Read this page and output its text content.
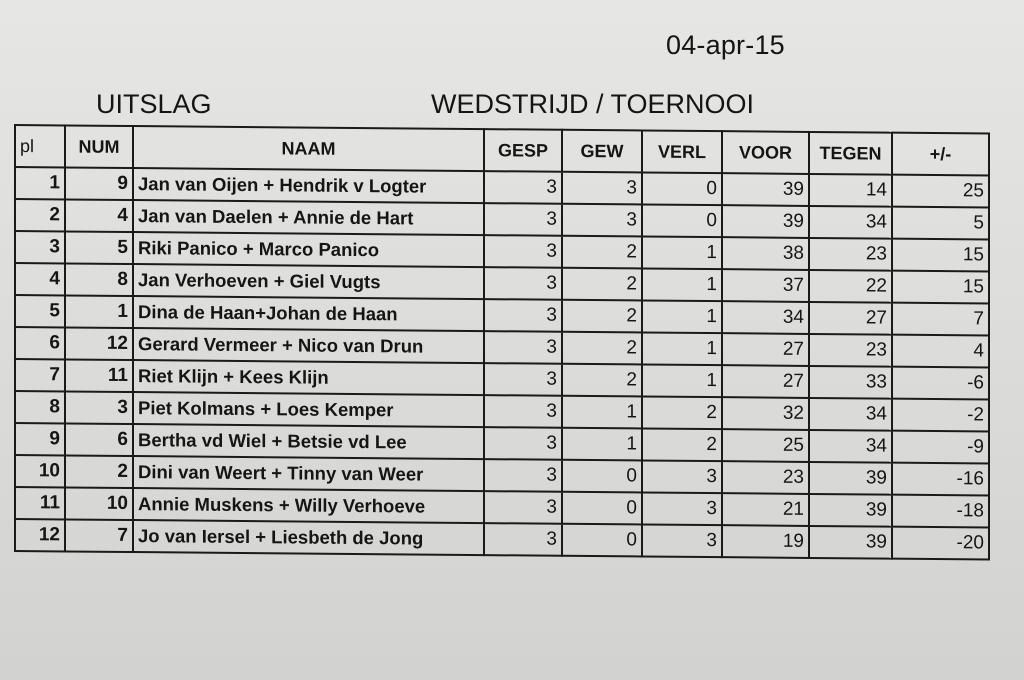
04-apr-15
UITSLAG	WEDSTRIJD / TOERNOOI
pl	NUM	NAAM	GESP	GEW	VERL	VOOR	TEGEN	+/-
1	9	Jan van Oijen + Hendrik v Logter	3	3	0	39	14	25
2	4	Jan van Daelen + Annie de Hart	3	3	0	39	34	5
3	5	Riki Panico + Marco Panico	3	2	1	38	23	15
4	8	Jan Verhoeven + Giel Vugts	3	2	1	37	22	15
5	1	Dina de Haan+Johan de Haan	3	2	1	34	27	7
6	12	Gerard Vermeer + Nico van Drun	3	2	1	27	23	4
7	11	Riet Klijn + Kees Klijn	3	2	1	27	33	-6
8	3	Piet Kolmans + Loes Kemper	3	1	2	32	34	-2
9	6	Bertha vd Wiel + Betsie vd Lee	3	1	2	25	34	-9
10	2	Dini van Weert + Tinny van Weer	3	0	3	23	39	-16
11	10	Annie Muskens + Willy Verhoeve	3	0	3	21	39	-18
12	7	Jo van Iersel + Liesbeth de Jong	3	0	3	19	39	-20
